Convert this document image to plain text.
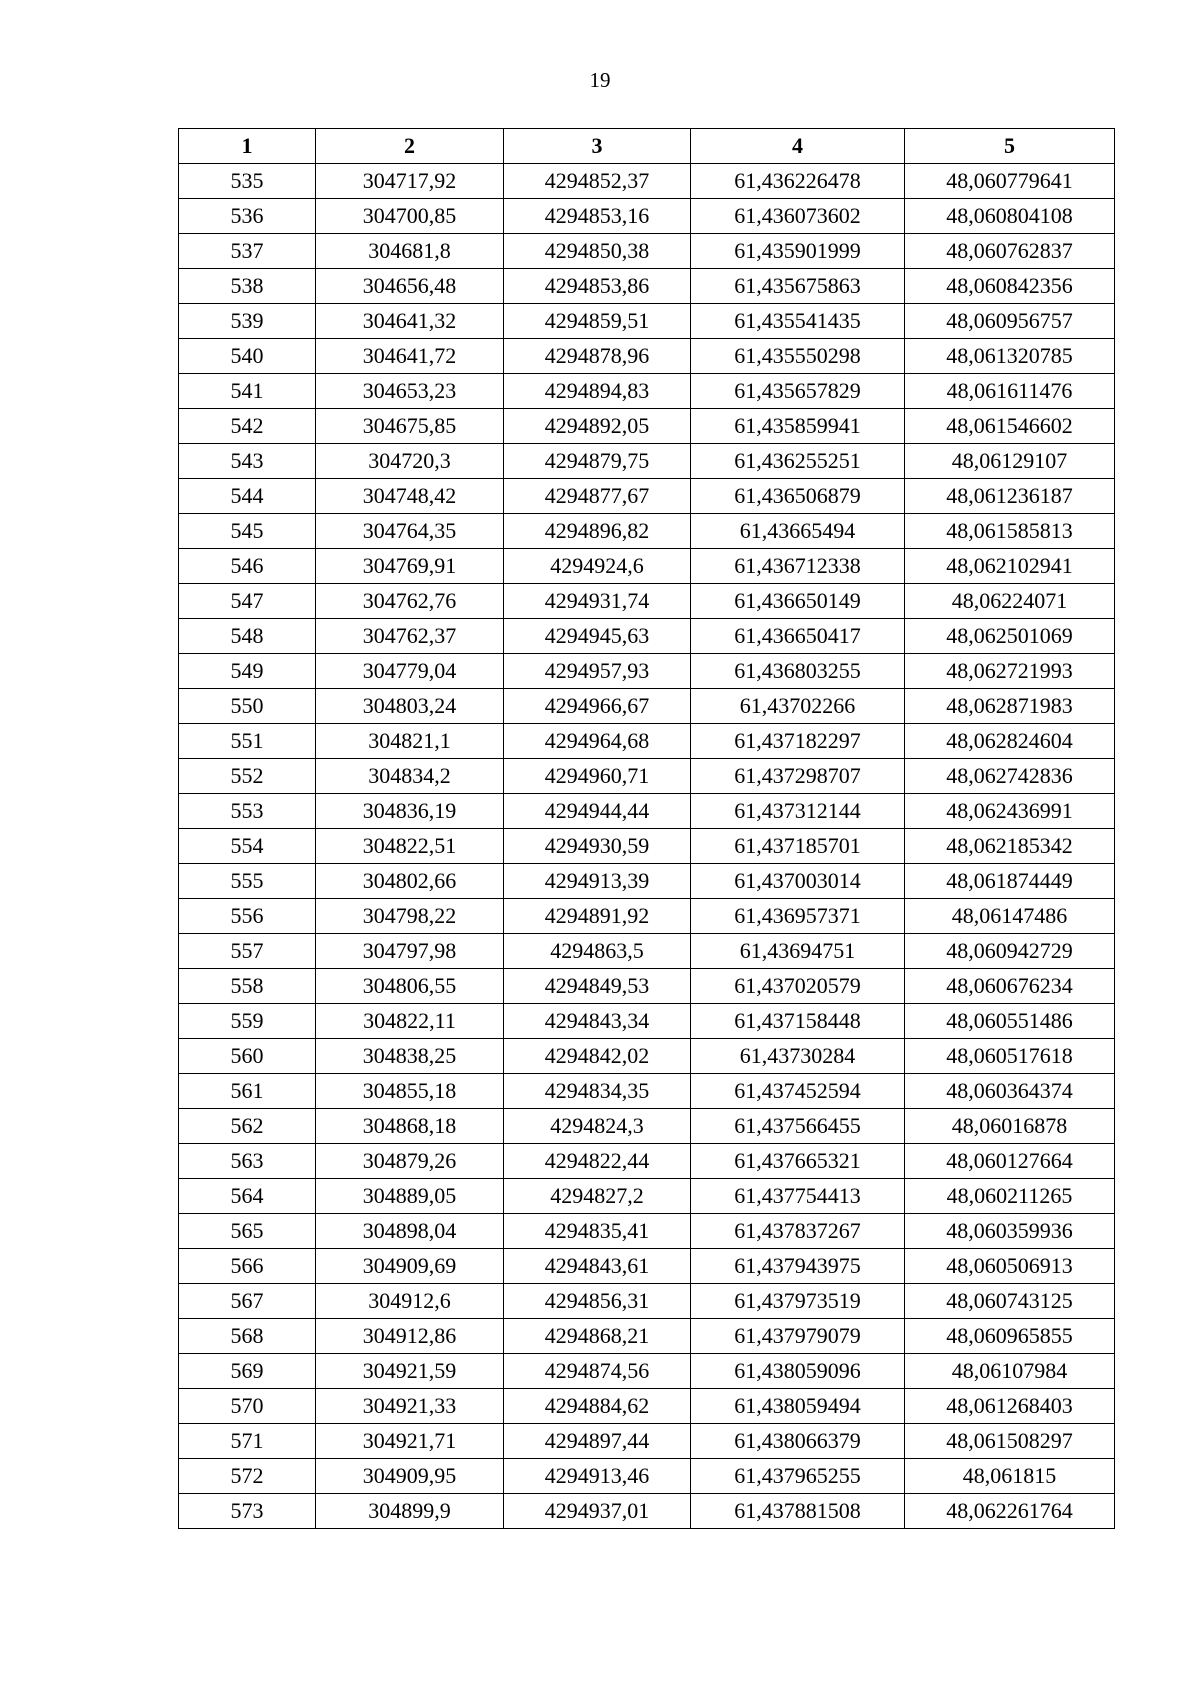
19
1	2	3	4	5
535	304717,92	4294852,37	61,436226478	48,060779641
536	304700,85	4294853,16	61,436073602	48,060804108
537	304681,8	4294850,38	61,435901999	48,060762837
538	304656,48	4294853,86	61,435675863	48,060842356
539	304641,32	4294859,51	61,435541435	48,060956757
540	304641,72	4294878,96	61,435550298	48,061320785
541	304653,23	4294894,83	61,435657829	48,061611476
542	304675,85	4294892,05	61,435859941	48,061546602
543	304720,3	4294879,75	61,436255251	48,06129107
544	304748,42	4294877,67	61,436506879	48,061236187
545	304764,35	4294896,82	61,43665494	48,061585813
546	304769,91	4294924,6	61,436712338	48,062102941
547	304762,76	4294931,74	61,436650149	48,06224071
548	304762,37	4294945,63	61,436650417	48,062501069
549	304779,04	4294957,93	61,436803255	48,062721993
550	304803,24	4294966,67	61,43702266	48,062871983
551	304821,1	4294964,68	61,437182297	48,062824604
552	304834,2	4294960,71	61,437298707	48,062742836
553	304836,19	4294944,44	61,437312144	48,062436991
554	304822,51	4294930,59	61,437185701	48,062185342
555	304802,66	4294913,39	61,437003014	48,061874449
556	304798,22	4294891,92	61,436957371	48,06147486
557	304797,98	4294863,5	61,43694751	48,060942729
558	304806,55	4294849,53	61,437020579	48,060676234
559	304822,11	4294843,34	61,437158448	48,060551486
560	304838,25	4294842,02	61,43730284	48,060517618
561	304855,18	4294834,35	61,437452594	48,060364374
562	304868,18	4294824,3	61,437566455	48,06016878
563	304879,26	4294822,44	61,437665321	48,060127664
564	304889,05	4294827,2	61,437754413	48,060211265
565	304898,04	4294835,41	61,437837267	48,060359936
566	304909,69	4294843,61	61,437943975	48,060506913
567	304912,6	4294856,31	61,437973519	48,060743125
568	304912,86	4294868,21	61,437979079	48,060965855
569	304921,59	4294874,56	61,438059096	48,06107984
570	304921,33	4294884,62	61,438059494	48,061268403
571	304921,71	4294897,44	61,438066379	48,061508297
572	304909,95	4294913,46	61,437965255	48,061815
573	304899,9	4294937,01	61,437881508	48,062261764
